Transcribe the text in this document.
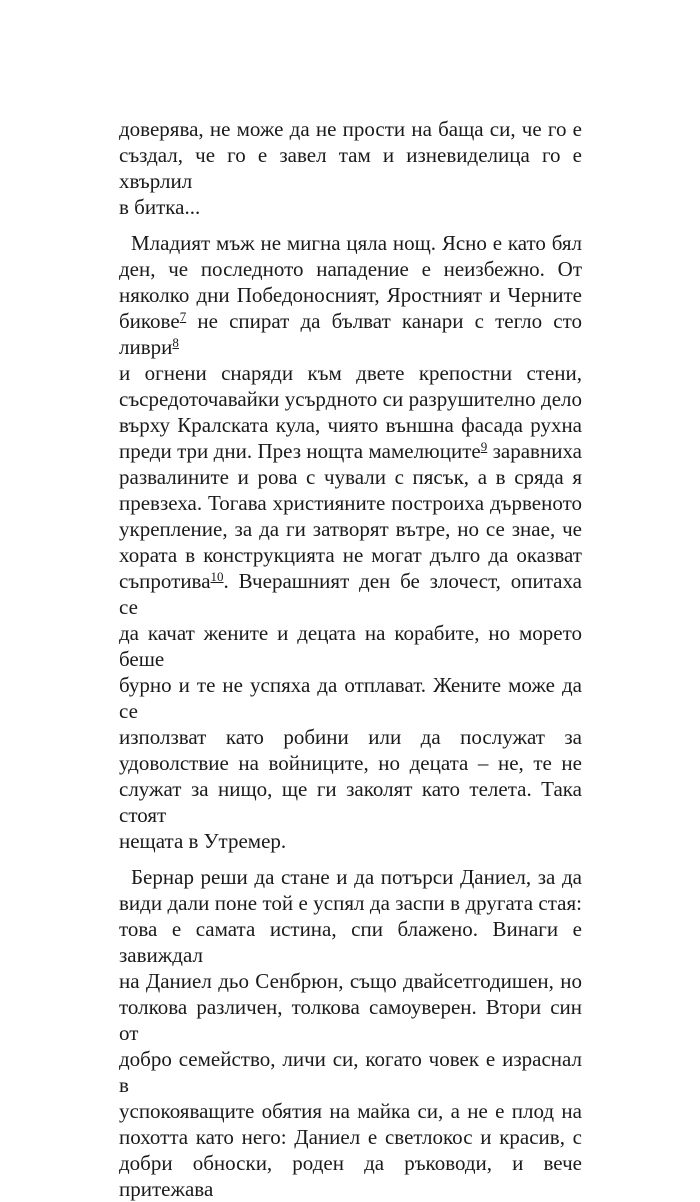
доверява, не може да не прости на баща си, че го е
създал, че го е завел там и изневиделица го е хвърлил
в битка...
Младият мъж не мигна цяла нощ. Ясно е като бял
ден, че последното нападение е неизбежно. От
няколко дни Победоносният, Яростният и Черните
бикове$^7$ не спират да бълват канари с тегло сто ливри$^8$
и огнени снаряди към двете крепостни стени,
съсредоточавайки усърдното си разрушително дело
върху Кралската кула, чиято външна фасада рухна
преди три дни. През нощта мамелюците$^9$ заравниха
развалините и рова с чували с пясък, а в сряда я
превзеха. Тогава християните построиха дървеното
укрепление, за да ги затворят вътре, но се знае, че
хората в конструкцията не могат дълго да оказват
съпротива$^{10}$. Вчерашният ден бе злочест, опитаха се
да качат жените и децата на корабите, но морето беше
бурно и те не успяха да отплават. Жените може да се
използват като робини или да послужат за
удоволствие на войниците, но децата – не, те не
служат за нищо, ще ги заколят като телета. Така стоят
нещата в Утремер.
Бернар реши да стане и да потърси Даниел, за да
види дали поне той е успял да заспи в другата стая:
това е самата истина, спи блажено. Винаги е завиждал
на Даниел дьо Сенбрюн, също двайсетгодишен, но
толкова различен, толкова самоуверен. Втори син от
добро семейство, личи си, когато човек е израснал в
успокояващите обятия на майка си, а не е плод на
похотта като него: Даниел е светлокос и красив, с
добри обноски, роден да ръководи, и вече притежава
